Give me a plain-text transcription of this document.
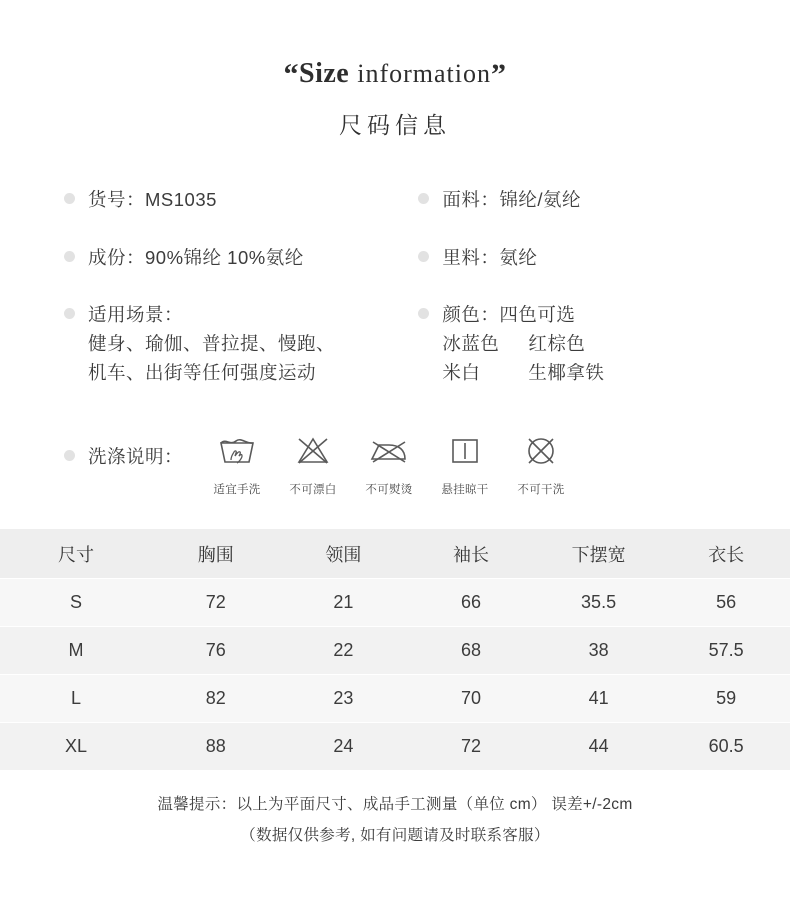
“Size information”
尺码信息
货号：MS1035	面料：锦纶/氨纶
成份：90%锦纶 10%氨纶	里料：氨纶
适用场景：
健身、瑜伽、普拉提、慢跑、
机车、出街等任何强度运动
颜色：四色可选
冰蓝色 红棕色
米白	生椰拿铁
洗涤说明：
适宜手洗	不可漂白	不可熨烫	悬挂晾干	不可干洗
尺寸	胸围	领围	袖长	下摆宽	衣长
S	72	21	66	35.5	56
M	76	22	68	38	57.5
L	82	23	70	41	59
XL	88	24	72	44	60.5
温馨提示：以上为平面尺寸、成品手工测量（单位 cm） 误差+/-2cm
（数据仅供参考, 如有问题请及时联系客服）
